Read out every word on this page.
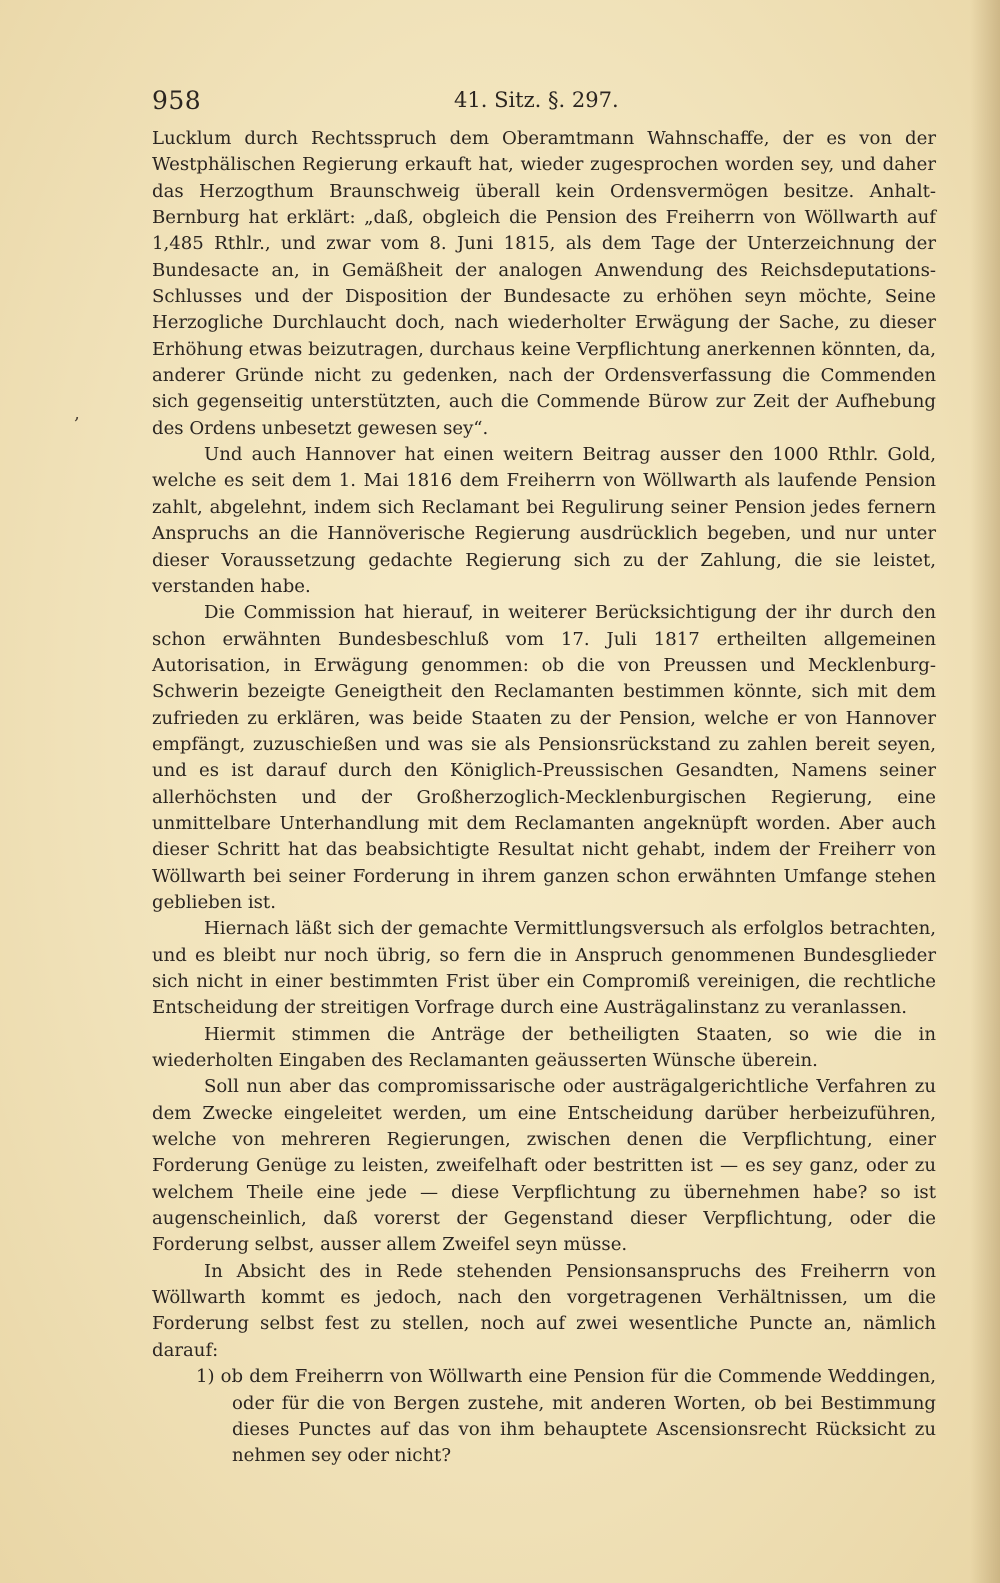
958	41. Sitz. §. 297.
‚

Lucklum durch Rechtsspruch dem Oberamtmann Wahnschaffe, der es von der Westphälischen Regierung erkauft hat, wieder zugesprochen worden sey, und daher das Herzogthum Braunschweig überall kein Ordensvermögen besitze. Anhalt-Bernburg hat erklärt: „daß, obgleich die Pension des Freiherrn von Wöllwarth auf 1,485 Rthlr., und zwar vom 8. Juni 1815, als dem Tage der Unterzeichnung der Bundesacte an, in Gemäßheit der analogen Anwendung des Reichsdeputations-Schlusses und der Disposition der Bundesacte zu erhöhen seyn möchte, Seine Herzogliche Durchlaucht doch, nach wiederholter Erwägung der Sache, zu dieser Erhöhung etwas beizutragen, durchaus keine Verpflichtung anerkennen könnten, da, anderer Gründe nicht zu gedenken, nach der Ordensverfassung die Commenden sich gegenseitig unterstützten, auch die Commende Bürow zur Zeit der Aufhebung des Ordens unbesetzt gewesen sey“.

Und auch Hannover hat einen weitern Beitrag ausser den 1000 Rthlr. Gold, welche es seit dem 1. Mai 1816 dem Freiherrn von Wöllwarth als laufende Pension zahlt, abgelehnt, indem sich Reclamant bei Regulirung seiner Pension jedes fernern Anspruchs an die Hannöverische Regierung ausdrücklich begeben, und nur unter dieser Voraussetzung gedachte Regierung sich zu der Zahlung, die sie leistet, verstanden habe.

Die Commission hat hierauf, in weiterer Berücksichtigung der ihr durch den schon erwähnten Bundesbeschluß vom 17. Juli 1817 ertheilten allgemeinen Autorisation, in Erwägung genommen: ob die von Preussen und Mecklenburg-Schwerin bezeigte Geneigtheit den Reclamanten bestimmen könnte, sich mit dem zufrieden zu erklären, was beide Staaten zu der Pension, welche er von Hannover empfängt, zuzuschießen und was sie als Pensionsrückstand zu zahlen bereit seyen, und es ist darauf durch den Königlich-Preussischen Gesandten, Namens seiner allerhöchsten und der Großherzoglich-Mecklenburgischen Regierung, eine unmittelbare Unterhandlung mit dem Reclamanten angeknüpft worden. Aber auch dieser Schritt hat das beabsichtigte Resultat nicht gehabt, indem der Freiherr von Wöllwarth bei seiner Forderung in ihrem ganzen schon erwähnten Umfange stehen geblieben ist.

Hiernach läßt sich der gemachte Vermittlungsversuch als erfolglos betrachten, und es bleibt nur noch übrig, so fern die in Anspruch genommenen Bundesglieder sich nicht in einer bestimmten Frist über ein Compromiß vereinigen, die rechtliche Entscheidung der streitigen Vorfrage durch eine Austrägalinstanz zu veranlassen.

Hiermit stimmen die Anträge der betheiligten Staaten, so wie die in wiederholten Eingaben des Reclamanten geäusserten Wünsche überein.

Soll nun aber das compromissarische oder austrägalgerichtliche Verfahren zu dem Zwecke eingeleitet werden, um eine Entscheidung darüber herbeizuführen, welche von mehreren Regierungen, zwischen denen die Verpflichtung, einer Forderung Genüge zu leisten, zweifelhaft oder bestritten ist — es sey ganz, oder zu welchem Theile eine jede — diese Verpflichtung zu übernehmen habe? so ist augenscheinlich, daß vorerst der Gegenstand dieser Verpflichtung, oder die Forderung selbst, ausser allem Zweifel seyn müsse.

In Absicht des in Rede stehenden Pensionsanspruchs des Freiherrn von Wöllwarth kommt es jedoch, nach den vorgetragenen Verhältnissen, um die Forderung selbst fest zu stellen, noch auf zwei wesentliche Puncte an, nämlich darauf:

1) ob dem Freiherrn von Wöllwarth eine Pension für die Commende Weddingen, oder für die von Bergen zustehe, mit anderen Worten, ob bei Bestimmung dieses Punctes auf das von ihm behauptete Ascensionsrecht Rücksicht zu nehmen sey oder nicht?
